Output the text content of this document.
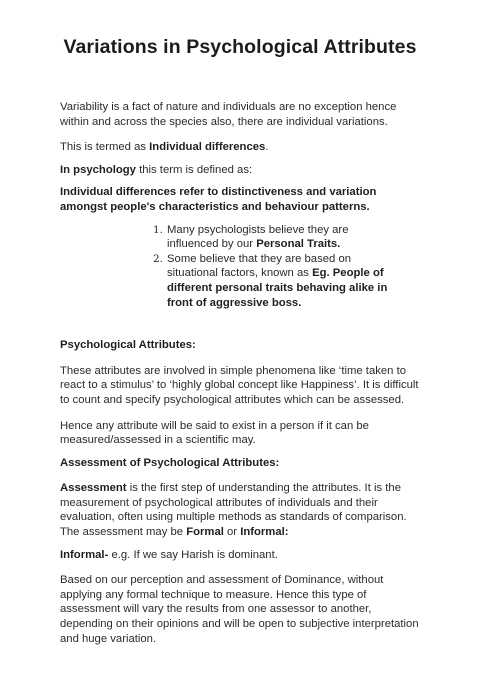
Variations in Psychological Attributes

Variability is a fact of nature and individuals are no exception hence within and across the species also, there are individual variations.

This is termed as Individual differences.

In psychology this term is defined as:

Individual differences refer to distinctiveness and variation amongst people's characteristics and behaviour patterns.

1. Many psychologists believe they are influenced by our Personal Traits.
2. Some believe that they are based on situational factors, known as Eg. People of different personal traits behaving alike in front of aggressive boss.

Psychological Attributes:

These attributes are involved in simple phenomena like ‘time taken to react to a stimulus’ to ‘highly global concept like Happiness’. It is difficult to count and specify psychological attributes which can be assessed.

Hence any attribute will be said to exist in a person if it can be measured/assessed in a scientific may.

Assessment of Psychological Attributes:

Assessment is the first step of understanding the attributes. It is the measurement of psychological attributes of individuals and their evaluation, often using multiple methods as standards of comparison. The assessment may be Formal or Informal:

Informal- e.g. If we say Harish is dominant.

Based on our perception and assessment of Dominance, without applying any formal technique to measure. Hence this type of assessment will vary the results from one assessor to another, depending on their opinions and will be open to subjective interpretation and huge variation.
